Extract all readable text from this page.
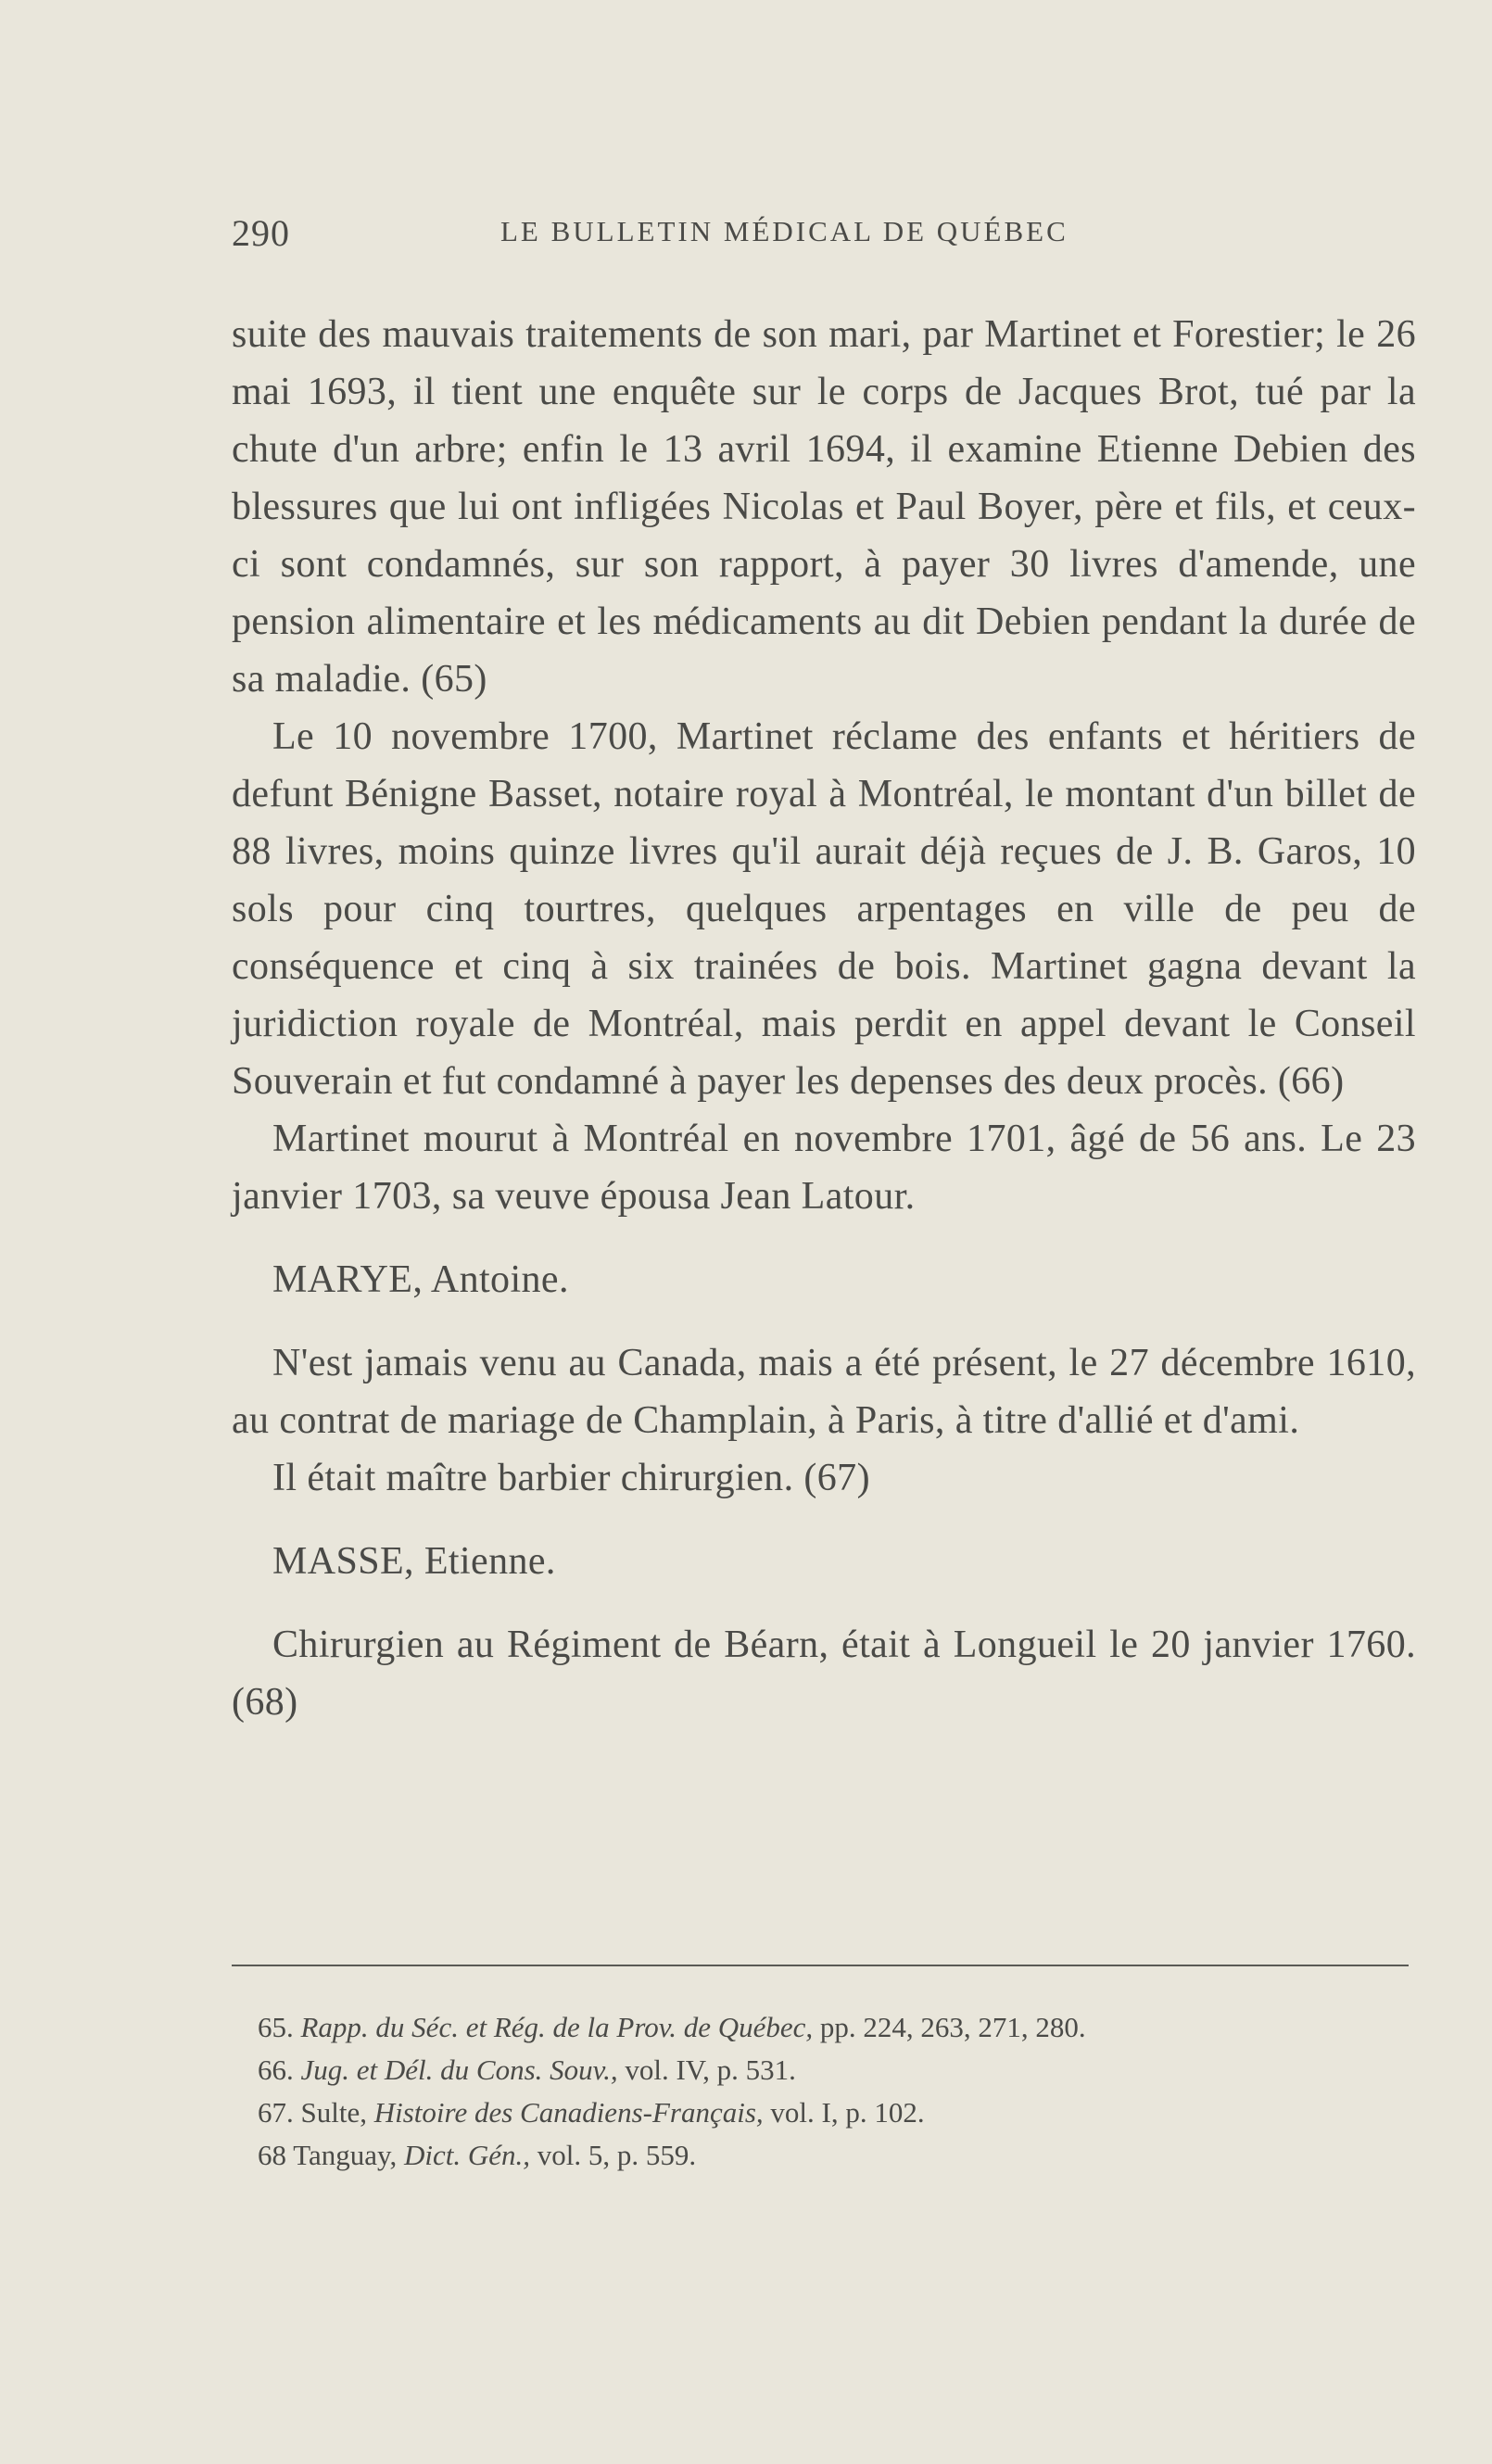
290	LE BULLETIN MÉDICAL DE QUÉBEC

suite des mauvais traitements de son mari, par Martinet et Forestier; le 26 mai 1693, il tient une enquête sur le corps de Jacques Brot, tué par la chute d'un arbre; enfin le 13 avril 1694, il examine Etienne Debien des blessures que lui ont infligées Nicolas et Paul Boyer, père et fils, et ceux-ci sont condamnés, sur son rapport, à payer 30 livres d'amende, une pension alimentaire et les médicaments au dit Debien pendant la durée de sa maladie. (65)

Le 10 novembre 1700, Martinet réclame des enfants et héritiers de defunt Bénigne Basset, notaire royal à Montréal, le montant d'un billet de 88 livres, moins quinze livres qu'il aurait déjà reçues de J. B. Garos, 10 sols pour cinq tourtres, quelques arpentages en ville de peu de conséquence et cinq à six trainées de bois. Martinet gagna devant la juridiction royale de Montréal, mais perdit en appel devant le Conseil Souverain et fut condamné à payer les depenses des deux procès. (66)

Martinet mourut à Montréal en novembre 1701, âgé de 56 ans. Le 23 janvier 1703, sa veuve épousa Jean Latour.

MARYE, Antoine.

N'est jamais venu au Canada, mais a été présent, le 27 décembre 1610, au contrat de mariage de Champlain, à Paris, à titre d'allié et d'ami.

Il était maître barbier chirurgien. (67)

MASSE, Etienne.

Chirurgien au Régiment de Béarn, était à Longueil le 20 janvier 1760. (68)

65. Rapp. du Séc. et Rég. de la Prov. de Québec, pp. 224, 263, 271, 280.
66. Jug. et Dél. du Cons. Souv., vol. IV, p. 531.
67. Sulte, Histoire des Canadiens-Français, vol. I, p. 102.
68 Tanguay, Dict. Gén., vol. 5, p. 559.
